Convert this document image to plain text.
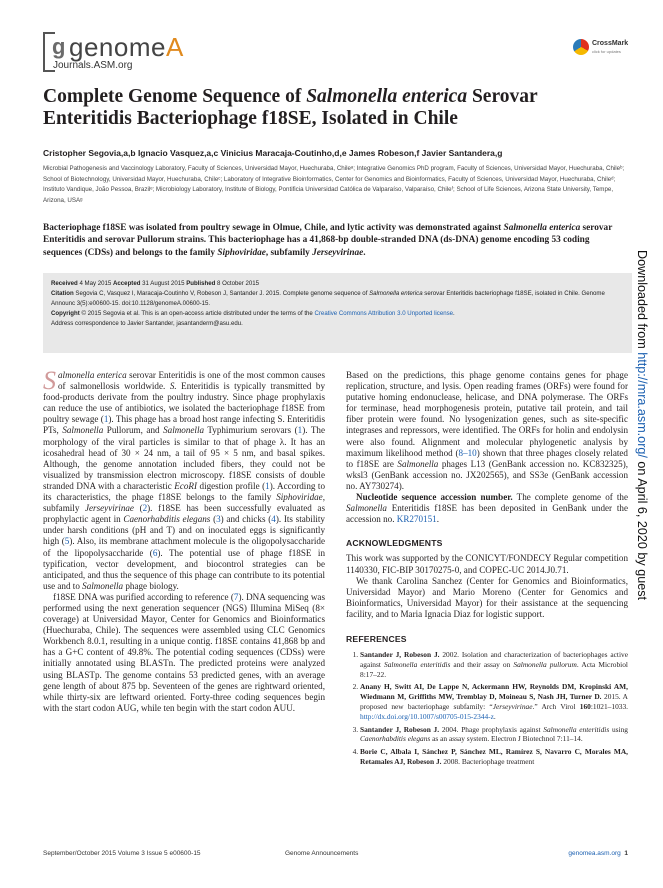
g genomeA
Journals.ASM.org
CrossMark
click for updates
Complete Genome Sequence of Salmonella enterica Serovar Enteritidis Bacteriophage f18SE, Isolated in Chile

Cristopher Segovia,a,b Ignacio Vasquez,a,c Vinicius Maracaja-Coutinho,d,e James Robeson,f Javier Santandera,g

Microbial Pathogenesis and Vaccinology Laboratory, Faculty of Sciences, Universidad Mayor, Huechuraba, Chileᵃ; Integrative Genomics PhD program, Faculty of Sciences, Universidad Mayor, Huechuraba, Chileᵇ; School of Biotechnology, Universidad Mayor, Huechuraba, Chileᶜ; Laboratory of Integrative Bioinformatics, Center for Genomics and Bioinformatics, Faculty of Sciences, Universidad Mayor, Huechuraba, Chileᵈ; Instituto Vandique, João Pessoa, Brazilᵉ; Microbiology Laboratory, Institute of Biology, Pontificia Universidad Católica de Valparaíso, Valparaíso, Chileᶠ; School of Life Sciences, Arizona State University, Tempe, Arizona, USAᵍ

Bacteriophage f18SE was isolated from poultry sewage in Olmue, Chile, and lytic activity was demonstrated against Salmonella enterica serovar Enteritidis and serovar Pullorum strains. This bacteriophage has a 41,868-bp double-stranded DNA (ds-DNA) genome encoding 53 coding sequences (CDSs) and belongs to the family Siphoviridae, subfamily Jerseyvirinae.

Received 4 May 2015 Accepted 31 August 2015 Published 8 October 2015

Citation Segovia C, Vasquez I, Maracaja-Coutinho V, Robeson J, Santander J. 2015. Complete genome sequence of Salmonella enterica serovar Enteritidis bacteriophage f18SE, isolated in Chile. Genome Announc 3(5):e00600-15. doi:10.1128/genomeA.00600-15.

Copyright © 2015 Segovia et al. This is an open-access article distributed under the terms of the Creative Commons Attribution 3.0 Unported license.

Address correspondence to Javier Santander, jasantanderm@asu.edu.

Salmonella enterica serovar Enteritidis is one of the most common causes of salmonellosis worldwide. S. Enteritidis is typically transmitted by food-products derivate from the poultry industry. Since phage prophylaxis can reduce the use of antibiotics, we isolated the bacteriophage f18SE from poultry sewage (1). This phage has a broad host range infecting S. Enteritidis PTs, Salmonella Pullorum, and Salmonella Typhimurium serovars (1). The morphology of the viral particles is similar to that of phage λ. It has an icosahedral head of 30 × 24 nm, a tail of 95 × 5 nm, and basal spikes. Although, the genome annotation included fibers, they could not be visualized by transmission electron microscopy. f18SE consists of double stranded DNA with a characteristic EcoRI digestion profile (1). According to its characteristics, the phage f18SE belongs to the family Siphoviridae, subfamily Jerseyvirinae (2). f18SE has been successfully evaluated as prophylactic agent in Caenorhabditis elegans (3) and chicks (4). Its stability under harsh conditions (pH and T) and on inoculated eggs is significantly high (5). Also, its membrane attachment molecule is the oligopolysaccharide of the lipopolysaccharide (6). The potential use of phage f18SE in typification, vector development, and biocontrol strategies can be anticipated, and thus the sequence of this phage can contribute to its potential use and to Salmonella phage biology.

f18SE DNA was purified according to reference (7). DNA sequencing was performed using the next generation sequencer (NGS) Illumina MiSeq (8× coverage) at Universidad Mayor, Center for Genomics and Bioinformatics (Huechuraba, Chile). The sequences were assembled using CLC Genomics Workbench 8.0.1, resulting in a unique contig. f18SE contains 41,868 bp and has a G+C content of 49.8%. The potential coding sequences (CDSs) were initially annotated using BLASTn. The predicted proteins were analyzed using BLASTp. The genome contains 53 predicted genes, with an average gene length of about 875 bp. Seventeen of the genes are rightward oriented, while thirty-six are leftward oriented. Forty-three coding sequences begin with the start codon AUG, while ten begin with the start codon AUU.

Based on the predictions, this phage genome contains genes for phage replication, structure, and lysis. Open reading frames (ORFs) were found for putative homing endonuclease, helicase, and DNA polymerase. The ORFs for terminase, head morphogenesis protein, putative tail protein, and tail fiber protein were found. No lysogenization genes, such as site-specific integrases and repressors, were identified. The ORFs for holin and endolysin were also found. Alignment and molecular phylogenetic analysis by maximum likelihood method (8–10) shown that three phages closely related to f18SE are Salmonella phages L13 (GenBank accession no. KC832325), wksl3 (GenBank accession no. JX202565), and SS3e (GenBank accession no. AY730274).

Nucleotide sequence accession number. The complete genome of the Salmonella Enteritidis f18SE has been deposited in GenBank under the accession no. KR270151.

ACKNOWLEDGMENTS

This work was supported by the CONICYT/FONDECY Regular competition 1140330, FIC-BIP 30170275-0, and COPEC-UC 2014.J0.71.

We thank Carolina Sanchez (Center for Genomics and Bioinformatics, Universidad Mayor) and Mario Moreno (Center for Genomics and Bioinformatics, Universidad Mayor) for their assistance at the sequencing facility, and to Maria Ignacia Diaz for logistic support.

REFERENCES
1. Santander J, Robeson J. 2002. Isolation and characterization of bacteriophages active against Salmonella enteritidis and their assay on Salmonella pullorum. Acta Microbiol 8:17–22.
2. Anany H, Switt AI, De Lappe N, Ackermann HW, Reynolds DM, Kropinski AM, Wiedmann M, Griffiths MW, Tremblay D, Moineau S, Nash JH, Turner D. 2015. A proposed new bacteriophage subfamily: “Jerseyvirinae.” Arch Virol 160:1021–1033. http://dx.doi.org/10.1007/s00705-015-2344-z.
3. Santander J, Robeson J. 2004. Phage prophylaxis against Salmonella enteritidis using Caenorhabditis elegans as an assay system. Electron J Biotechnol 7:11–14.
4. Borie C, Albala I, Sánchez P, Sánchez ML, Ramírez S, Navarro C, Morales MA, Retamales AJ, Robeson J. 2008. Bacteriophage treatment
Downloaded from http://mra.asm.org/ on April 6, 2020 by guest
September/October 2015 Volume 3 Issue 5 e00600-15	Genome Announcements	genomea.asm.org 1
